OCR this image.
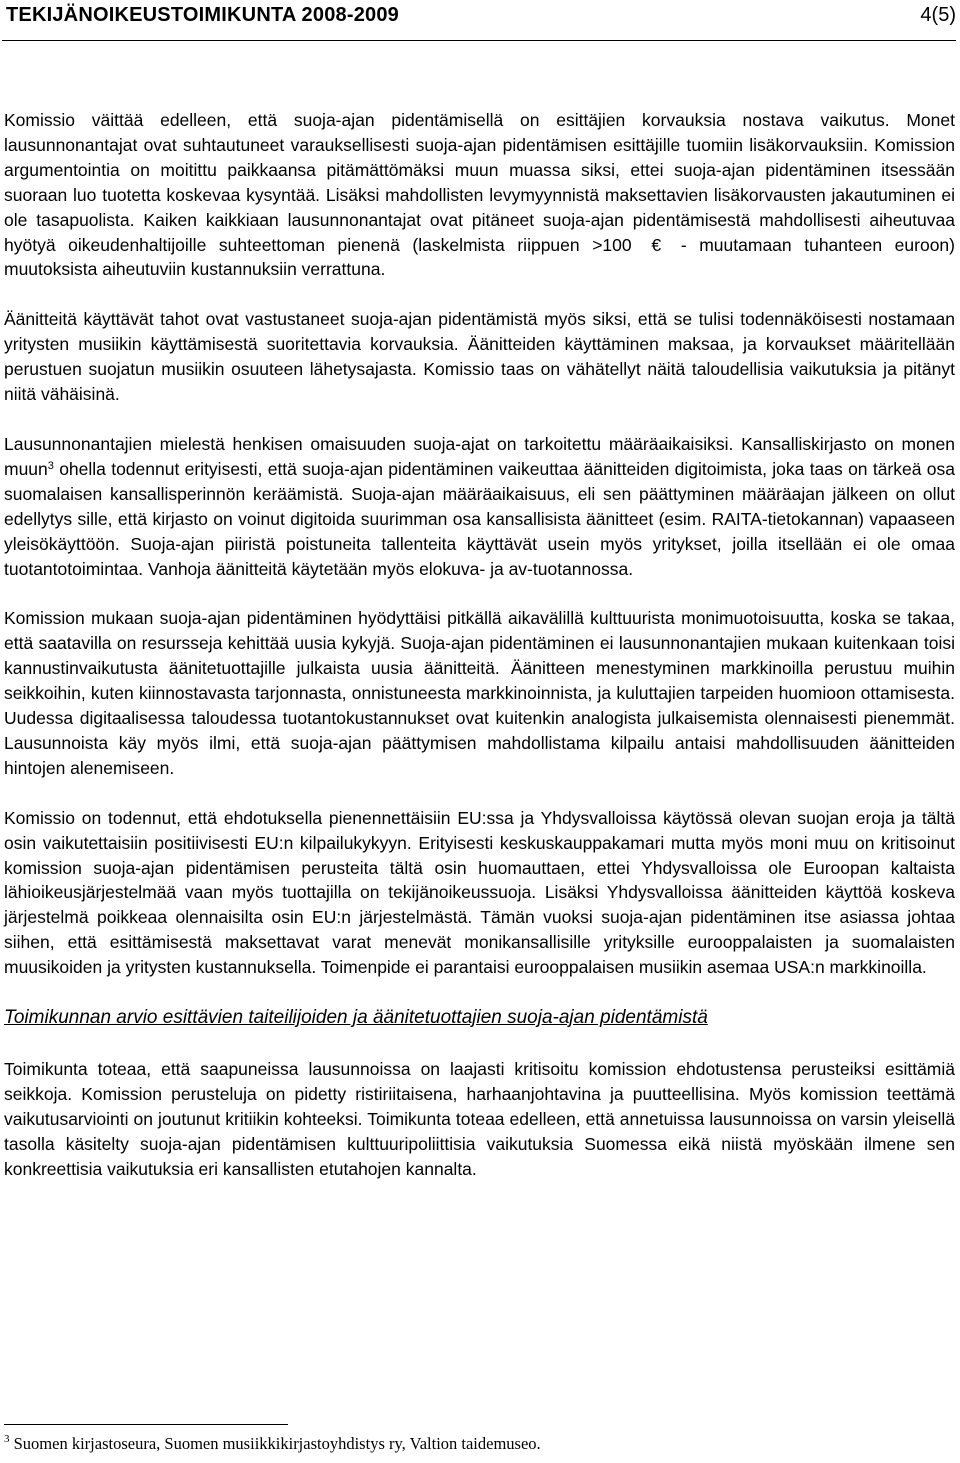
TEKIJÄNOIKEUSTOIMIKUNTA 2008-2009	4(5)

Komissio väittää edelleen, että suoja-ajan pidentämisellä on esittäjien korvauksia nostava vaikutus. Monet lausunnonantajat ovat suhtautuneet varauksellisesti suoja-ajan pidentämisen esittäjille tuomiin lisäkorvauksiin. Komission argumentointia on moitittu paikkaansa pitämättömäksi muun muassa siksi, ettei suoja-ajan pidentäminen itsessään suoraan luo tuotetta koskevaa kysyntää. Lisäksi mahdollisten levymyynnistä maksettavien lisäkorvausten jakautuminen ei ole tasapuolista. Kaiken kaikkiaan lausunnonantajat ovat pitäneet suoja-ajan pidentämisestä mahdollisesti aiheutuvaa hyötyä oikeudenhaltijoille suhteettoman pienenä (laskelmista riippuen >100 € - muutamaan tuhanteen euroon) muutoksista aiheutuviin kustannuksiin verrattuna.

Äänitteitä käyttävät tahot ovat vastustaneet suoja-ajan pidentämistä myös siksi, että se tulisi todennäköisesti nostamaan yritysten musiikin käyttämisestä suoritettavia korvauksia. Äänitteiden käyttäminen maksaa, ja korvaukset määritellään perustuen suojatun musiikin osuuteen lähetysajasta. Komissio taas on vähätellyt näitä taloudellisia vaikutuksia ja pitänyt niitä vähäisinä.

Lausunnonantajien mielestä henkisen omaisuuden suoja-ajat on tarkoitettu määräaikaisiksi. Kansalliskirjasto on monen muun$^3$ ohella todennut erityisesti, että suoja-ajan pidentäminen vaikeuttaa äänitteiden digitoimista, joka taas on tärkeä osa suomalaisen kansallisperinnön keräämistä. Suoja-ajan määräaikaisuus, eli sen päättyminen määräajan jälkeen on ollut edellytys sille, että kirjasto on voinut digitoida suurimman osa kansallisista äänitteet (esim. RAITA-tietokannan) vapaaseen yleisökäyttöön. Suoja-ajan piiristä poistuneita tallenteita käyttävät usein myös yritykset, joilla itsellään ei ole omaa tuotantotoimintaa. Vanhoja äänitteitä käytetään myös elokuva- ja av-tuotannossa.

Komission mukaan suoja-ajan pidentäminen hyödyttäisi pitkällä aikavälillä kulttuurista monimuotoisuutta, koska se takaa, että saatavilla on resursseja kehittää uusia kykyjä. Suoja-ajan pidentäminen ei lausunnonantajien mukaan kuitenkaan toisi kannustinvaikutusta äänitetuottajille julkaista uusia äänitteitä. Äänitteen menestyminen markkinoilla perustuu muihin seikkoihin, kuten kiinnostavasta tarjonnasta, onnistuneesta markkinoinnista, ja kuluttajien tarpeiden huomioon ottamisesta. Uudessa digitaalisessa taloudessa tuotantokustannukset ovat kuitenkin analogista julkaisemista olennaisesti pienemmät. Lausunnoista käy myös ilmi, että suoja-ajan päättymisen mahdollistama kilpailu antaisi mahdollisuuden äänitteiden hintojen alenemiseen.

Komissio on todennut, että ehdotuksella pienennettäisiin EU:ssa ja Yhdysvalloissa käytössä olevan suojan eroja ja tältä osin vaikutettaisiin positiivisesti EU:n kilpailukykyyn. Erityisesti keskuskauppakamari mutta myös moni muu on kritisoinut komission suoja-ajan pidentämisen perusteita tältä osin huomauttaen, ettei Yhdysvalloissa ole Euroopan kaltaista lähioikeusjärjestelmää vaan myös tuottajilla on tekijänoikeussuoja. Lisäksi Yhdysvalloissa äänitteiden käyttöä koskeva järjestelmä poikkeaa olennaisilta osin EU:n järjestelmästä. Tämän vuoksi suoja-ajan pidentäminen itse asiassa johtaa siihen, että esittämisestä maksettavat varat menevät monikansallisille yrityksille eurooppalaisten ja suomalaisten muusikoiden ja yritysten kustannuksella. Toimenpide ei parantaisi eurooppalaisen musiikin asemaa USA:n markkinoilla.

Toimikunnan arvio esittävien taiteilijoiden ja äänitetuottajien suoja-ajan pidentämistä

Toimikunta toteaa, että saapuneissa lausunnoissa on laajasti kritisoitu komission ehdotustensa perusteiksi esittämiä seikkoja. Komission perusteluja on pidetty ristiriitaisena, harhaanjohtavina ja puutteellisina. Myös komission teettämä vaikutusarviointi on joutunut kritiikin kohteeksi. Toimikunta toteaa edelleen, että annetuissa lausunnoissa on varsin yleisellä tasolla käsitelty suoja-ajan pidentämisen kulttuuripoliittisia vaikutuksia Suomessa eikä niistä myöskään ilmene sen konkreettisia vaikutuksia eri kansallisten etutahojen kannalta.

$^3$ Suomen kirjastoseura, Suomen musiikkikirjastoyhdistys ry, Valtion taidemuseo.
